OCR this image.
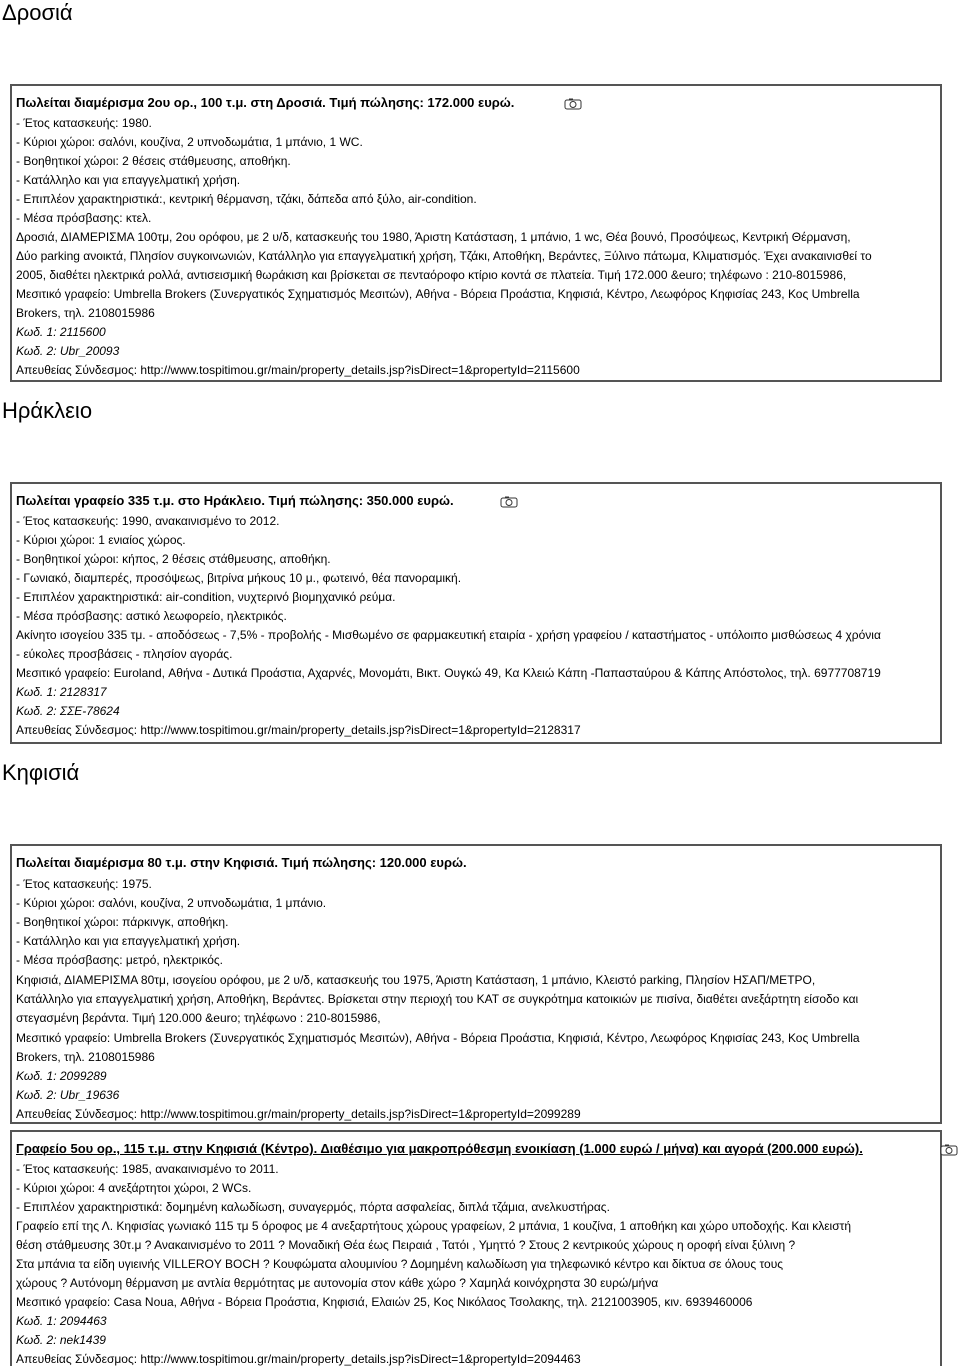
Δροσιά
Πωλείται διαμέρισμα 2ου ορ., 100 τ.μ. στη Δροσιά. Τιμή πώλησης: 172.000 ευρώ.
- Έτος κατασκευής: 1980.
- Κύριοι χώροι: σαλόνι, κουζίνα, 2 υπνοδωμάτια, 1 μπάνιο, 1 WC.
- Βοηθητικοί χώροι: 2 θέσεις στάθμευσης, αποθήκη.
- Κατάλληλο και για επαγγελματική χρήση.
- Επιπλέον χαρακτηριστικά:, κεντρική θέρμανση, τζάκι, δάπεδα από ξύλο, air-condition.
- Μέσα πρόσβασης: κτελ.
Δροσιά, ΔΙΑΜΕΡΙΣΜΑ 100τμ, 2ου ορόφου, με 2 υ/δ, κατασκευής του 1980, Άριστη Κατάσταση, 1 μπάνιο, 1 wc, Θέα βουνό, Προσόψεως, Κεντρική Θέρμανση,
Δύο parking ανοικτά, Πλησίον συγκοινωνιών, Κατάλληλο για επαγγελματική χρήση, Τζάκι, Αποθήκη, Βεράντες, Ξύλινο πάτωμα, Κλιματισμός. Έχει ανακαινισθεί το
2005, διαθέτει ηλεκτρικά ρολλά, αντισεισμική θωράκιση και βρίσκεται σε πενταόροφο κτίριο κοντά σε πλατεία. Τιμή 172.000 &euro; τηλέφωνο : 210-8015986,
Μεσιτικό γραφείο: Umbrella Brokers (Συνεργατικός Σχηματισμός Μεσιτών), Αθήνα - Βόρεια Προάστια, Κηφισιά, Κέντρο, Λεωφόρος Κηφισίας 243, Κος Umbrella
Brokers, τηλ. 2108015986
Κωδ. 1: 2115600
Κωδ. 2: Ubr_20093
Απευθείας Σύνδεσμος: http://www.tospitimou.gr/main/property_details.jsp?isDirect=1&propertyId=2115600
Ηράκλειο
Πωλείται γραφείο 335 τ.μ. στο Ηράκλειο. Τιμή πώλησης: 350.000 ευρώ.
- Έτος κατασκευής: 1990, ανακαινισμένο το 2012.
- Κύριοι χώροι: 1 ενιαίος χώρος.
- Βοηθητικοί χώροι: κήπος, 2 θέσεις στάθμευσης, αποθήκη.
- Γωνιακό, διαμπερές, προσόψεως, βιτρίνα μήκους 10 μ., φωτεινό, θέα πανοραμική.
- Επιπλέον χαρακτηριστικά: air-condition, νυχτερινό βιομηχανικό ρεύμα.
- Μέσα πρόσβασης: αστικό λεωφορείο, ηλεκτρικός.
Ακίνητο ισογείου 335 τμ. - αποδόσεως - 7,5% - προβολής - Μισθωμένο σε φαρμακευτική εταιρία - χρήση γραφείου / καταστήματος - υπόλοιπο μισθώσεως 4 χρόνια
- εύκολες προσβάσεις - πλησίον αγοράς.
Μεσιτικό γραφείο: Euroland, Αθήνα - Δυτικά Προάστια, Αχαρνές, Μονομάτι, Βικτ. Ουγκώ 49, Κα Κλειώ Κάπη -Παπασταύρου & Κάπης Απόστολος, τηλ. 6977708719
Κωδ. 1: 2128317
Κωδ. 2: ΣΣΕ-78624
Απευθείας Σύνδεσμος: http://www.tospitimou.gr/main/property_details.jsp?isDirect=1&propertyId=2128317
Κηφισιά
Πωλείται διαμέρισμα 80 τ.μ. στην Κηφισιά. Τιμή πώλησης: 120.000 ευρώ.
- Έτος κατασκευής: 1975.
- Κύριοι χώροι: σαλόνι, κουζίνα, 2 υπνοδωμάτια, 1 μπάνιο.
- Βοηθητικοί χώροι: πάρκινγκ, αποθήκη.
- Κατάλληλο και για επαγγελματική χρήση.
- Μέσα πρόσβασης: μετρό, ηλεκτρικός.
Κηφισιά, ΔΙΑΜΕΡΙΣΜΑ 80τμ, ισογείου ορόφου, με 2 υ/δ, κατασκευής του 1975, Άριστη Κατάσταση, 1 μπάνιο, Κλειστό parking, Πλησίον ΗΣΑΠ/ΜΕΤΡΟ,
Κατάλληλο για επαγγελματική χρήση, Αποθήκη, Βεράντες. Βρίσκεται στην περιοχή του ΚΑΤ σε συγκρότημα κατοικιών με πισίνα, διαθέτει ανεξάρτητη είσοδο και
στεγασμένη βεράντα. Τιμή 120.000 &euro; τηλέφωνο : 210-8015986,
Μεσιτικό γραφείο: Umbrella Brokers (Συνεργατικός Σχηματισμός Μεσιτών), Αθήνα - Βόρεια Προάστια, Κηφισιά, Κέντρο, Λεωφόρος Κηφισίας 243, Κος Umbrella
Brokers, τηλ. 2108015986
Κωδ. 1: 2099289
Κωδ. 2: Ubr_19636
Απευθείας Σύνδεσμος: http://www.tospitimou.gr/main/property_details.jsp?isDirect=1&propertyId=2099289
Γραφείο 5ου ορ., 115 τ.μ. στην Κηφισιά (Κέντρο). Διαθέσιμο για μακροπρόθεσμη ενοικίαση (1.000 ευρώ / μήνα) και αγορά (200.000 ευρώ).
- Έτος κατασκευής: 1985, ανακαινισμένο το 2011.
- Κύριοι χώροι: 4 ανεξάρτητοι χώροι, 2 WCs.
- Επιπλέον χαρακτηριστικά: δομημένη καλωδίωση, συναγερμός, πόρτα ασφαλείας, διπλά τζάμια, ανελκυστήρας.
Γραφείο επί της Λ. Κηφισίας γωνιακό 115 τμ 5 όροφος με 4 ανεξαρτήτους χώρους γραφείων, 2 μπάνια, 1 κουζίνα, 1 αποθήκη και χώρο υποδοχής. Και κλειστή
θέση στάθμευσης 30τ.μ ? Ανακαινισμένο το 2011 ? Μοναδική Θέα έως Πειραιά , Τατόι , Υμηττό ? Στους 2 κεντρικούς χώρους η οροφή είναι ξύλινη ?
Στα μπάνια τα είδη υγιεινής VILLEROY BOCH ? Κουφώματα αλουμινίου ? Δομημένη καλωδίωση για τηλεφωνικό κέντρο και δίκτυα σε όλους τους
χώρους ? Αυτόνομη θέρμανση με αντλία θερμότητας με αυτονομία στον κάθε χώρο ? Χαμηλά κοινόχρηστα 30 ευρώ/μήνα
Μεσιτικό γραφείο: Casa Noua, Αθήνα - Βόρεια Προάστια, Κηφισιά, Ελαιών 25, Κος Νικόλαος Τσολακης, τηλ. 2121003905, κιν. 6939460006
Κωδ. 1: 2094463
Κωδ. 2: nek1439
Απευθείας Σύνδεσμος: http://www.tospitimou.gr/main/property_details.jsp?isDirect=1&propertyId=2094463
